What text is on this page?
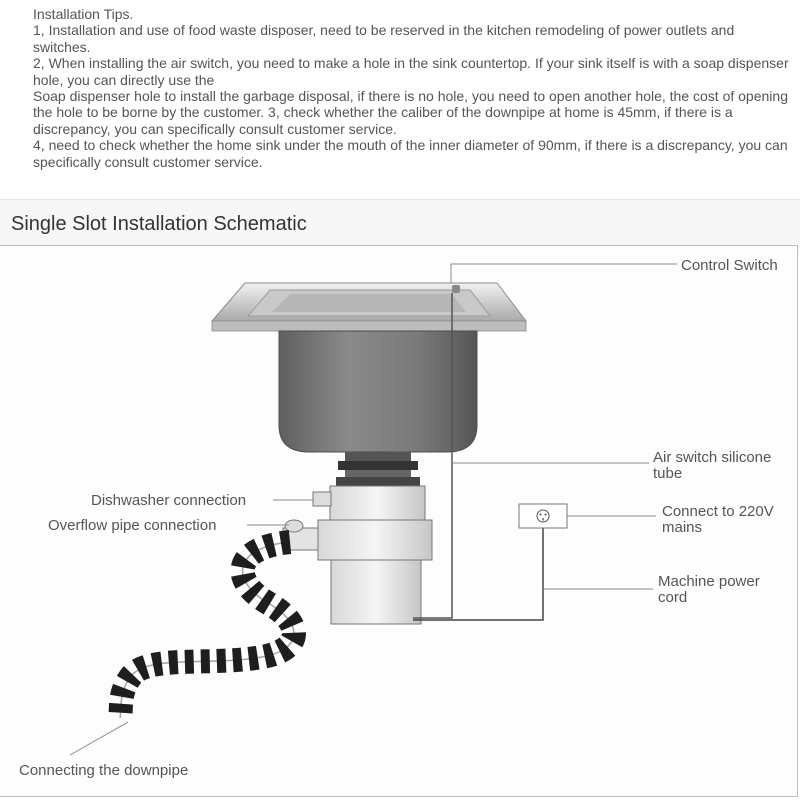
Installation Tips.

1, Installation and use of food waste disposer, need to be reserved in the kitchen remodeling of power outlets and switches.

2, When installing the air switch, you need to make a hole in the sink countertop. If your sink itself is with a soap dispenser hole, you can directly use the

Soap dispenser hole to install the garbage disposal, if there is no hole, you need to open another hole, the cost of opening the hole to be borne by the customer. 3, check whether the caliber of the downpipe at home is 45mm, if there is a discrepancy, you can specifically consult customer service.

4, need to check whether the home sink under the mouth of the inner diameter of 90mm, if there is a discrepancy, you can specifically consult customer service.

Single Slot Installation Schematic
Control Switch
Air switch silicone
tube
Dishwasher connection
Overflow pipe connection
Connect to 220V
mains
Machine power
cord
Connecting the downpipe
